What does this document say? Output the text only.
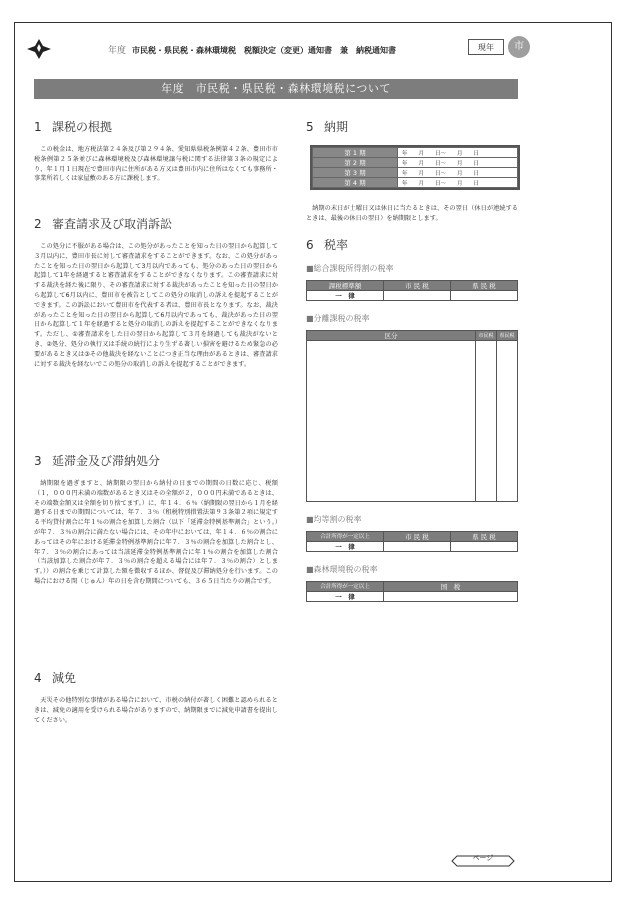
年度 市民税・県民税・森林環境税　税額決定（変更）通知書　兼　納税通知書	現年	市
年度　市民税・県民税・森林環境税について
1 課税の根拠

この税金は、地方税法第２４条及び第２９４条、愛知県県税条例第４２条、豊田市市税条例第２５条並びに森林環境税及び森林環境譲与税に関する法律第３条の規定により、年１月１日現在で豊田市内に住所がある方又は豊田市内に住所はなくても事務所・事業所若しくは家屋敷のある方に課税します。

2 審査請求及び取消訴訟

この処分に不服がある場合は、この処分があったことを知った日の翌日から起算して３月以内に、豊田市長に対して審査請求をすることができます。なお、この処分があったことを知った日の翌日から起算して3月以内であっても、処分のあった日の翌日から起算して1年を経過すると審査請求をすることができなくなります。この審査請求に対する裁決を経た後に限り、その審査請求に対する裁決があったことを知った日の翌日から起算して6月以内に、豊田市を被告としてこの処分の取消しの訴えを提起することができます。この訴訟において豊田市を代表する者は、豊田市長となります。なお、裁決があったことを知った日の翌日から起算して6月以内であっても、裁決があった日の翌日から起算して１年を経過すると処分の取消しの訴えを提起することができなくなります。ただし、①審査請求をした日の翌日から起算して３月を経過しても裁決がないとき、②処分、処分の執行又は手続の続行により生ずる著しい損害を避けるため緊急の必要があるとき又は③その他裁決を経ないことにつき正当な理由があるときは、審査請求に対する裁決を経ないでこの処分の取消しの訴えを提起することができます。

3 延滞金及び滞納処分

納期限を過ぎますと、納期限の翌日から納付の日までの期間の日数に応じ、税額（１，０００円未満の端数があるとき又はその全額が２，０００円未満であるときは、その端数金額又は全額を切り捨てます。）に、年１４．６％（納期限の翌日から１月を経過する日までの期間については、年７．３％（租税特別措置法第９３条第２項に規定する平均貸付割合に年１％の割合を加算した割合（以下「延滞金特例基準割合」という。）が年７．３％の割合に満たない場合には、その年中においては、年１４．６％の割合にあってはその年における延滞金特例基準割合に年７．３％の割合を加算した割合とし、年７．３％の割合にあっては当該延滞金特例基準割合に年１％の割合を加算した割合（当該加算した割合が年７．３％の割合を超える場合には年７．３％の割合）とします。））の割合を乗じて計算した額を徴収するほか、督促及び滞納処分を行います。この場合における閏（じゅん）年の日を含む期間についても、３６５日当たりの割合です。

4 減免

天災その他特別な事情がある場合において、市税の納付が著しく困難と認められるときは、減免の適用を受けられる場合がありますので、納期限までに減免申請書を提出してください。

5 納期
第 1 期	年　　月　　日～　　月　　日
第 2 期	年　　月　　日～　　月　　日
第 3 期	年　　月　　日～　　月　　日
第 4 期	年　　月　　日～　　月　　日

納期の末日が土曜日又は休日に当たるときは、その翌日（休日が連続するときは、最後の休日の翌日）を納期限とします。

6 税率
■総合課税所得割の税率
課税標準額	市 民 税	県 民 税
一　律		
■分離課税の税率
区分	市民税	県民税

■均等割の税率
合計所得が一定以上	市 民 税	県 民 税
一　律		
■森林環境税の税率
合計所得が一定以上	国　税
一　律	
ページ
